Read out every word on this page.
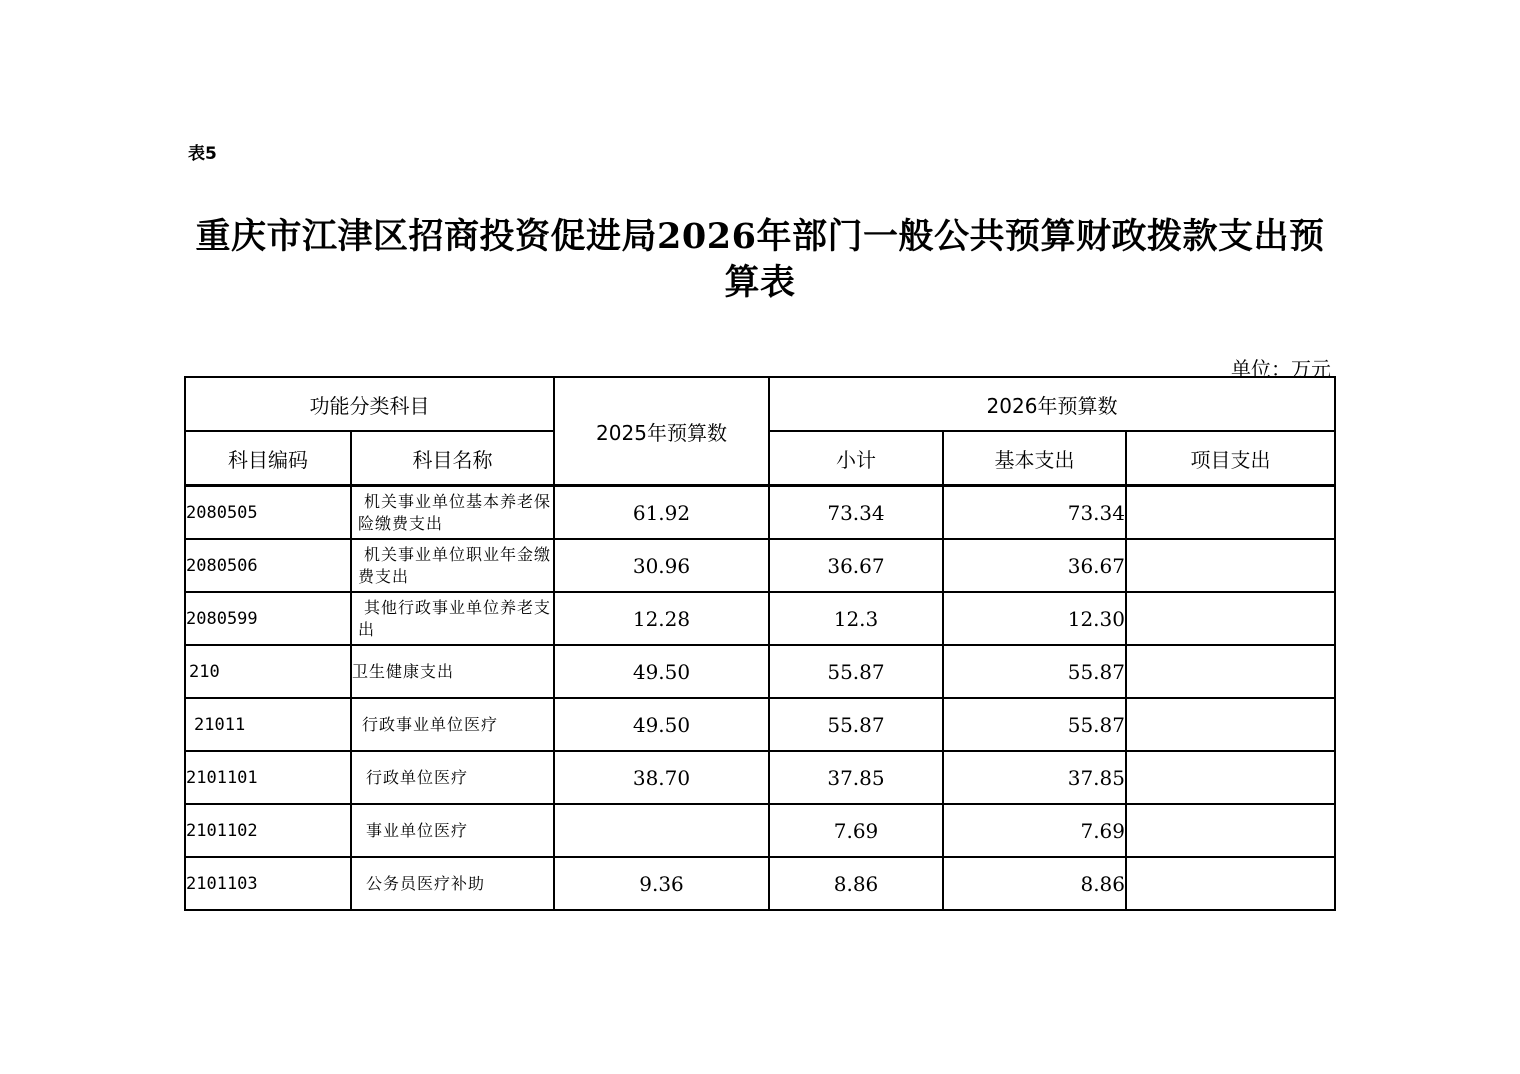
表5
重庆市江津区招商投资促进局2026年部门一般公共预算财政拨款支出预算表
单位：万元
功能分类科目		2025年预算数	2026年预算数		
科目编码	科目名称		小计	基本支出	项目支出
2080505	机关事业单位基本养老保险缴费支出	61.92	73.34	73.34	
2080506	机关事业单位职业年金缴费支出	30.96	36.67	36.67	
2080599	其他行政事业单位养老支出	12.28	12.3	12.30	
210	卫生健康支出	49.50	55.87	55.87	
21011	行政事业单位医疗	49.50	55.87	55.87	
2101101	行政单位医疗	38.70	37.85	37.85	
2101102	事业单位医疗		7.69	7.69	
2101103	公务员医疗补助	9.36	8.86	8.86	
